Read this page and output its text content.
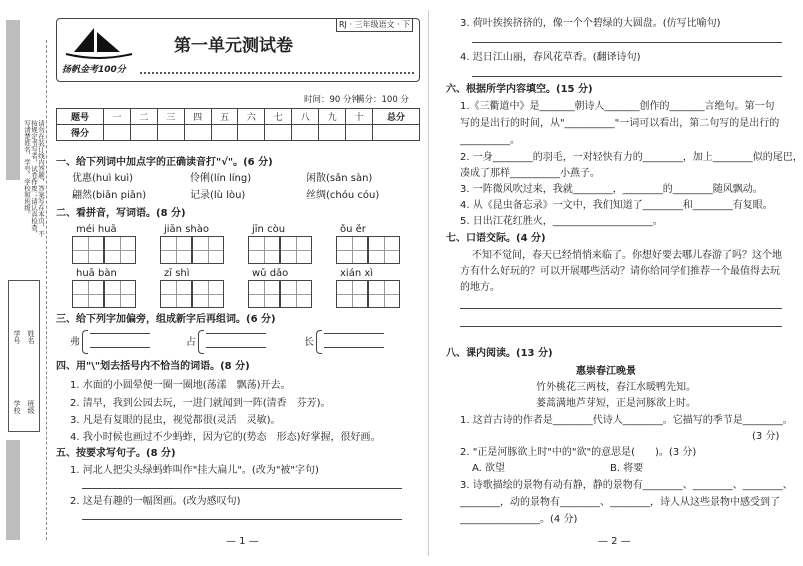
请勿在装订线内答题，答案写在本页，不按规定书写者，试卷作废；请认真检查，写清楚姓名、学号、学校和班级。
学校 班级
姓名
学号
扬帆金考100分
第一单元测试卷
RJ · 三年级语文 · 下
时间：90 分钟
满分：100 分
题号	一	二	三	四	五	六	七	八	九	十	总分
得分											
一、给下列词中加点字的正确读音打"√"。(6 分)
优惠(huì kuì)	伶俐(lín líng)	闲散(sǎn sàn)
翩然(biān piān)	记录(lù lòu)	丝绸(chóu cóu)
二、看拼音，写词语。(8 分)
méi huā	jiān shào	jīn còu	ǒu ěr
huā bàn	zī shì	wǔ dǎo	xián xì
三、给下列字加偏旁，组成新字后再组词。(6 分)
弗	占	长
四、用"\"划去括号内不恰当的词语。(8 分)
1. 水面的小圆晕便一圈一圈地(荡漾　飘荡)开去。
2. 清早，我到公园去玩，一进门就闻到一阵(清香　芬芳)。
3. 凡是有复眼的昆虫，视觉都很(灵活　灵敏)。
4. 我小时候也画过不少蚂蚱，因为它的(势态　形态)好掌握，很好画。
五、按要求写句子。(8 分)
1. 河北人把尖头绿蚂蚱叫作"挂大扁儿"。(改为"被"字句)
2. 这是有趣的一幅图画。(改为感叹句)
— 1 —
3. 荷叶挨挨挤挤的，像一个个碧绿的大圆盘。(仿写比喻句)
4. 迟日江山丽，春风花草香。(翻译诗句)
六、根据所学内容填空。(15 分)
1.《三衢道中》是_______朝诗人_______创作的_______言绝句。第一句
写的是出行的时间，从"__________"一词可以看出，第二句写的是出行的
__________。
2. 一身________的羽毛，一对轻快有力的________，加上________似的尾巴，
凑成了那样__________小燕子。
3. 一阵微风吹过来，我就________，________的________随风飘动。
4. 从《昆虫备忘录》一文中，我们知道了________和________有复眼。
5. 日出江花红胜火，____________________。
七、口语交际。(4 分)
不知不觉间，春天已经悄悄来临了。你想好要去哪儿春游了吗？这个地
方有什么好玩的？可以开展哪些活动？请你给同学们推荐一个最值得去玩
的地方。
八、课内阅读。(13 分)
惠崇春江晚景
竹外桃花三两枝，春江水暖鸭先知。
蒌蒿满地芦芽短，正是河豚欲上时。
1. 这首古诗的作者是________代诗人________。它描写的季节是________。
(3 分)
2. "正是河豚欲上时"中的"欲"的意思是(　　)。(3 分)
A. 欲望	B. 将要
3. 诗歌描绘的景物有动有静，静的景物有________、________、________、
________，动的景物有________、________，诗人从这些景物中感受到了
________________。(4 分)
— 2 —
